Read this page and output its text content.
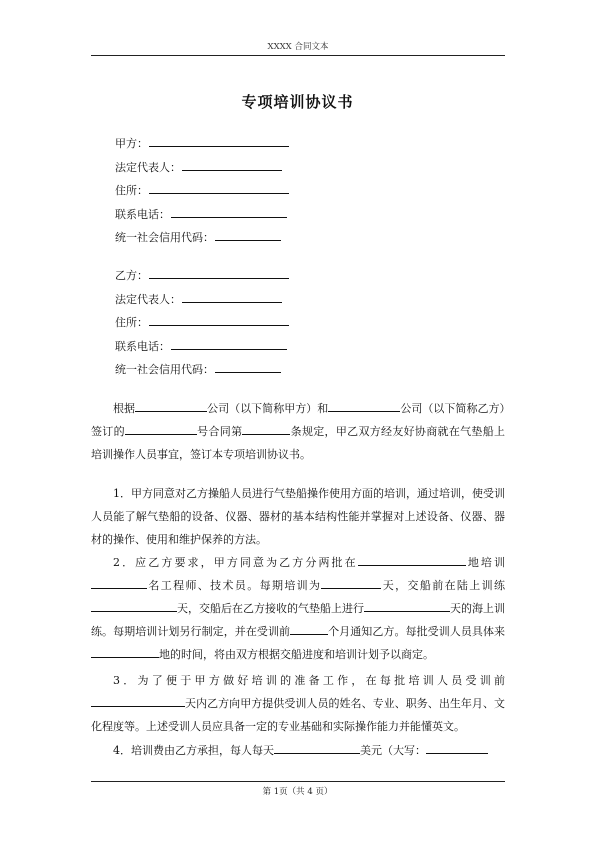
XXXX 合同文本
专项培训协议书
甲方：
法定代表人：
住所：
联系电话：
统一社会信用代码：
乙方：
法定代表人：
住所：
联系电话：
统一社会信用代码：
根据	公司（以下简称甲方）和	公司（以下简称乙方）签订的	号合同第	条规定，甲乙双方经友好协商就在气垫船上培训操作人员事宜，签订本专项培训协议书。
1．甲方同意对乙方操船人员进行气垫船操作使用方面的培训，通过培训，使受训人员能了解气垫船的设备、仪器、器材的基本结构性能并掌握对上述设备、仪器、器材的操作、使用和维护保养的方法。
2．应乙方要求，甲方同意为乙方分两批在	地培训名工程师、技术员。每期培训为	天，交船前在陆上训练天，交船后在乙方接收的气垫船上进行	天的海上训练。每期培训计划另行制定，并在受训前	个月通知乙方。每批受训人员具体来地的时间，将由双方根据交船进度和培训计划予以商定。
3．为了便于甲方做好培训的准备工作，在每批培训人员受训前天内乙方向甲方提供受训人员的姓名、专业、职务、出生年月、文化程度等。上述受训人员应具备一定的专业基础和实际操作能力并能懂英文。
4．培训费由乙方承担，每人每天	美元（大写：
第 1页（共 4 页）
